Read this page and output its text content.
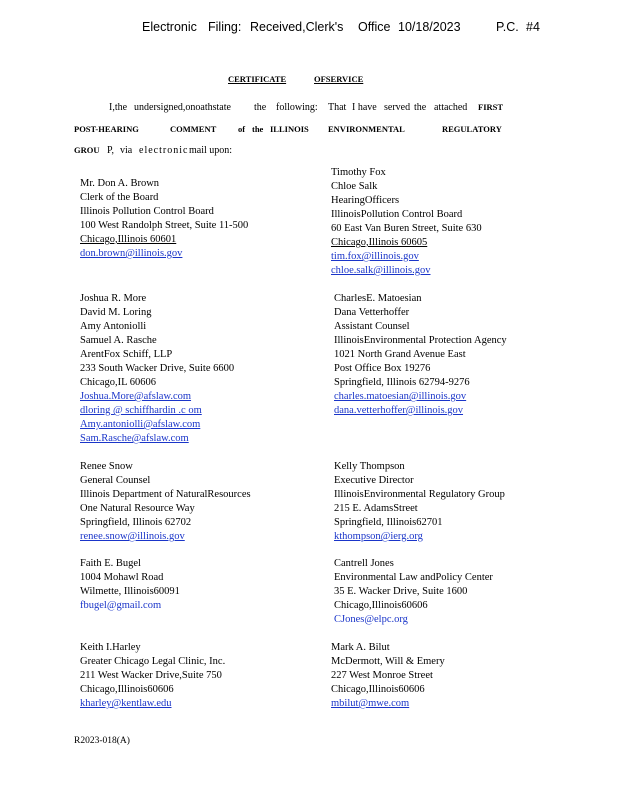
Electronic Filing: Received,Clerk's Office 10/18/2023	P.C. #4
CERTIFICATE	OFSERVICE
I,the undersigned,onoathstate the following: That I have served the attached FIRST
POST-HEARING	COMMENT	of the ILLINOIS ENVIRONMENTAL	REGULATORY
GROU P, via electronic mail upon:
Mr. Don A. Brown
Clerk of the Board
Illinois Pollution Control Board
100 West Randolph Street, Suite 11-500
Chicago,Illinois 60601
don.brown@illinois.gov
Timothy Fox
Chloe Salk
HearingOfficers
IllinoisPollution Control Board
60 East Van Buren Street, Suite 630
Chicago,Illinois 60605
tim.fox@illinois.gov
chloe.salk@illinois.gov
Joshua R. More
David M. Loring
Amy Antoniolli
Samuel A. Rasche
ArentFox Schiff, LLP
233 South Wacker Drive, Suite 6600
Chicago,IL 60606
Joshua.More@afslaw.com
dloring @ schiffhardin .c om
Amy.antoniolli@afslaw.com
Sam.Rasche@afslaw.com
CharlesE. Matoesian
Dana Vetterhoffer
Assistant Counsel
IllinoisEnvironmental Protection Agency
1021 North Grand Avenue East
Post Office Box 19276
Springfield, Illinois 62794-9276
charles.matoesian@illinois.gov
dana.vetterhoffer@illinois.gov
Renee Snow
General Counsel
Illinois Department of NaturalResources
One Natural Resource Way
Springfield, Illinois 62702
renee.snow@illinois.gov
Kelly Thompson
Executive Director
IllinoisEnvironmental Regulatory Group
215 E. AdamsStreet
Springfield, Illinois62701
kthompson@ierg.org
Faith E. Bugel
1004 Mohawl Road
Wilmette, Illinois60091
fbugel@gmail.com
Cantrell Jones
Environmental Law andPolicy Center
35 E. Wacker Drive, Suite 1600
Chicago,Illinois60606
CJones@elpc.org
Keith I.Harley
Greater Chicago Legal Clinic, Inc.
211 West Wacker Drive,Suite 750
Chicago,Illinois60606
kharley@kentlaw.edu
Mark A. Bilut
McDermott, Will & Emery
227 West Monroe Street
Chicago,Illinois60606
mbilut@mwe.com
R2023-018(A)
